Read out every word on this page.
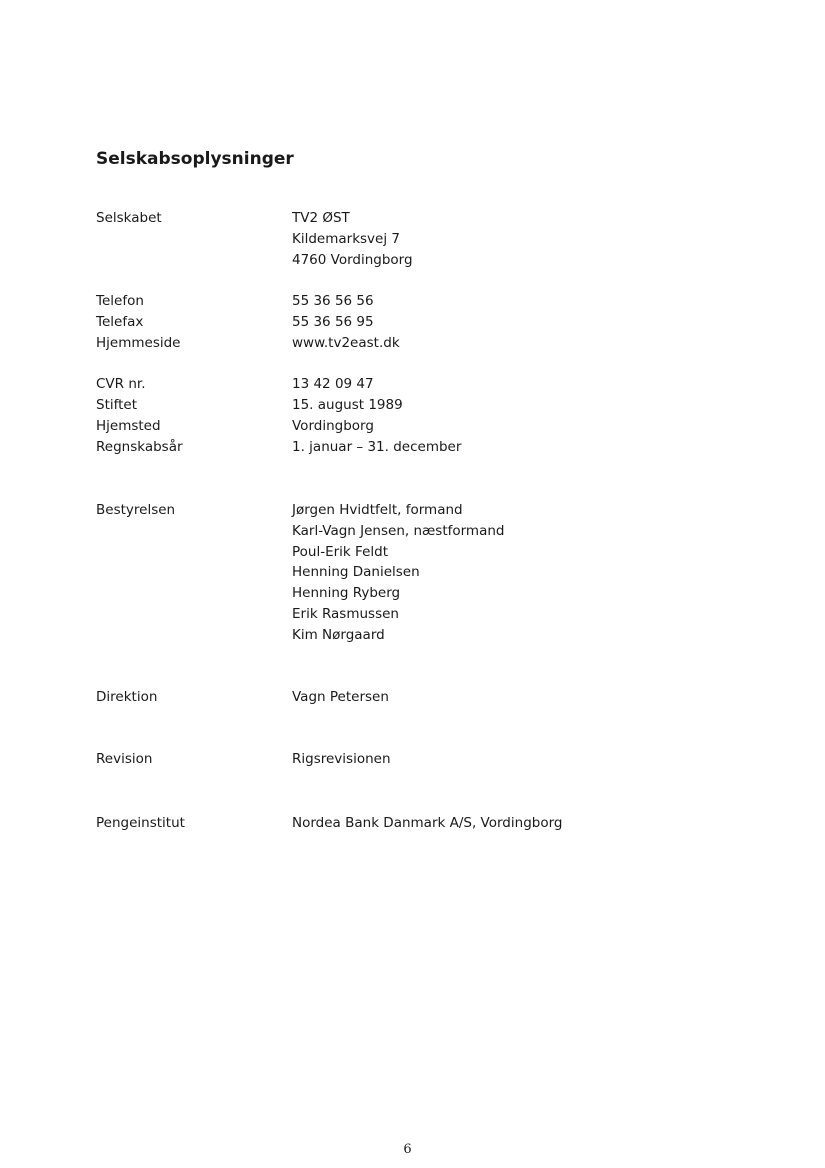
Selskabsoplysninger
Selskabet	TV2 ØST
Kildemarksvej 7
4760 Vordingborg
Telefon	55 36 56 56
Telefax	55 36 56 95
Hjemmeside	www.tv2east.dk
CVR nr.	13 42 09 47
Stiftet	15. august 1989
Hjemsted	Vordingborg
Regnskabsår	1. januar – 31. december
Bestyrelsen	Jørgen Hvidtfelt, formand
Karl-Vagn Jensen, næstformand
Poul-Erik Feldt
Henning Danielsen
Henning Ryberg
Erik Rasmussen
Kim Nørgaard
Direktion	Vagn Petersen
Revision	Rigsrevisionen
Pengeinstitut	Nordea Bank Danmark A/S, Vordingborg
6
